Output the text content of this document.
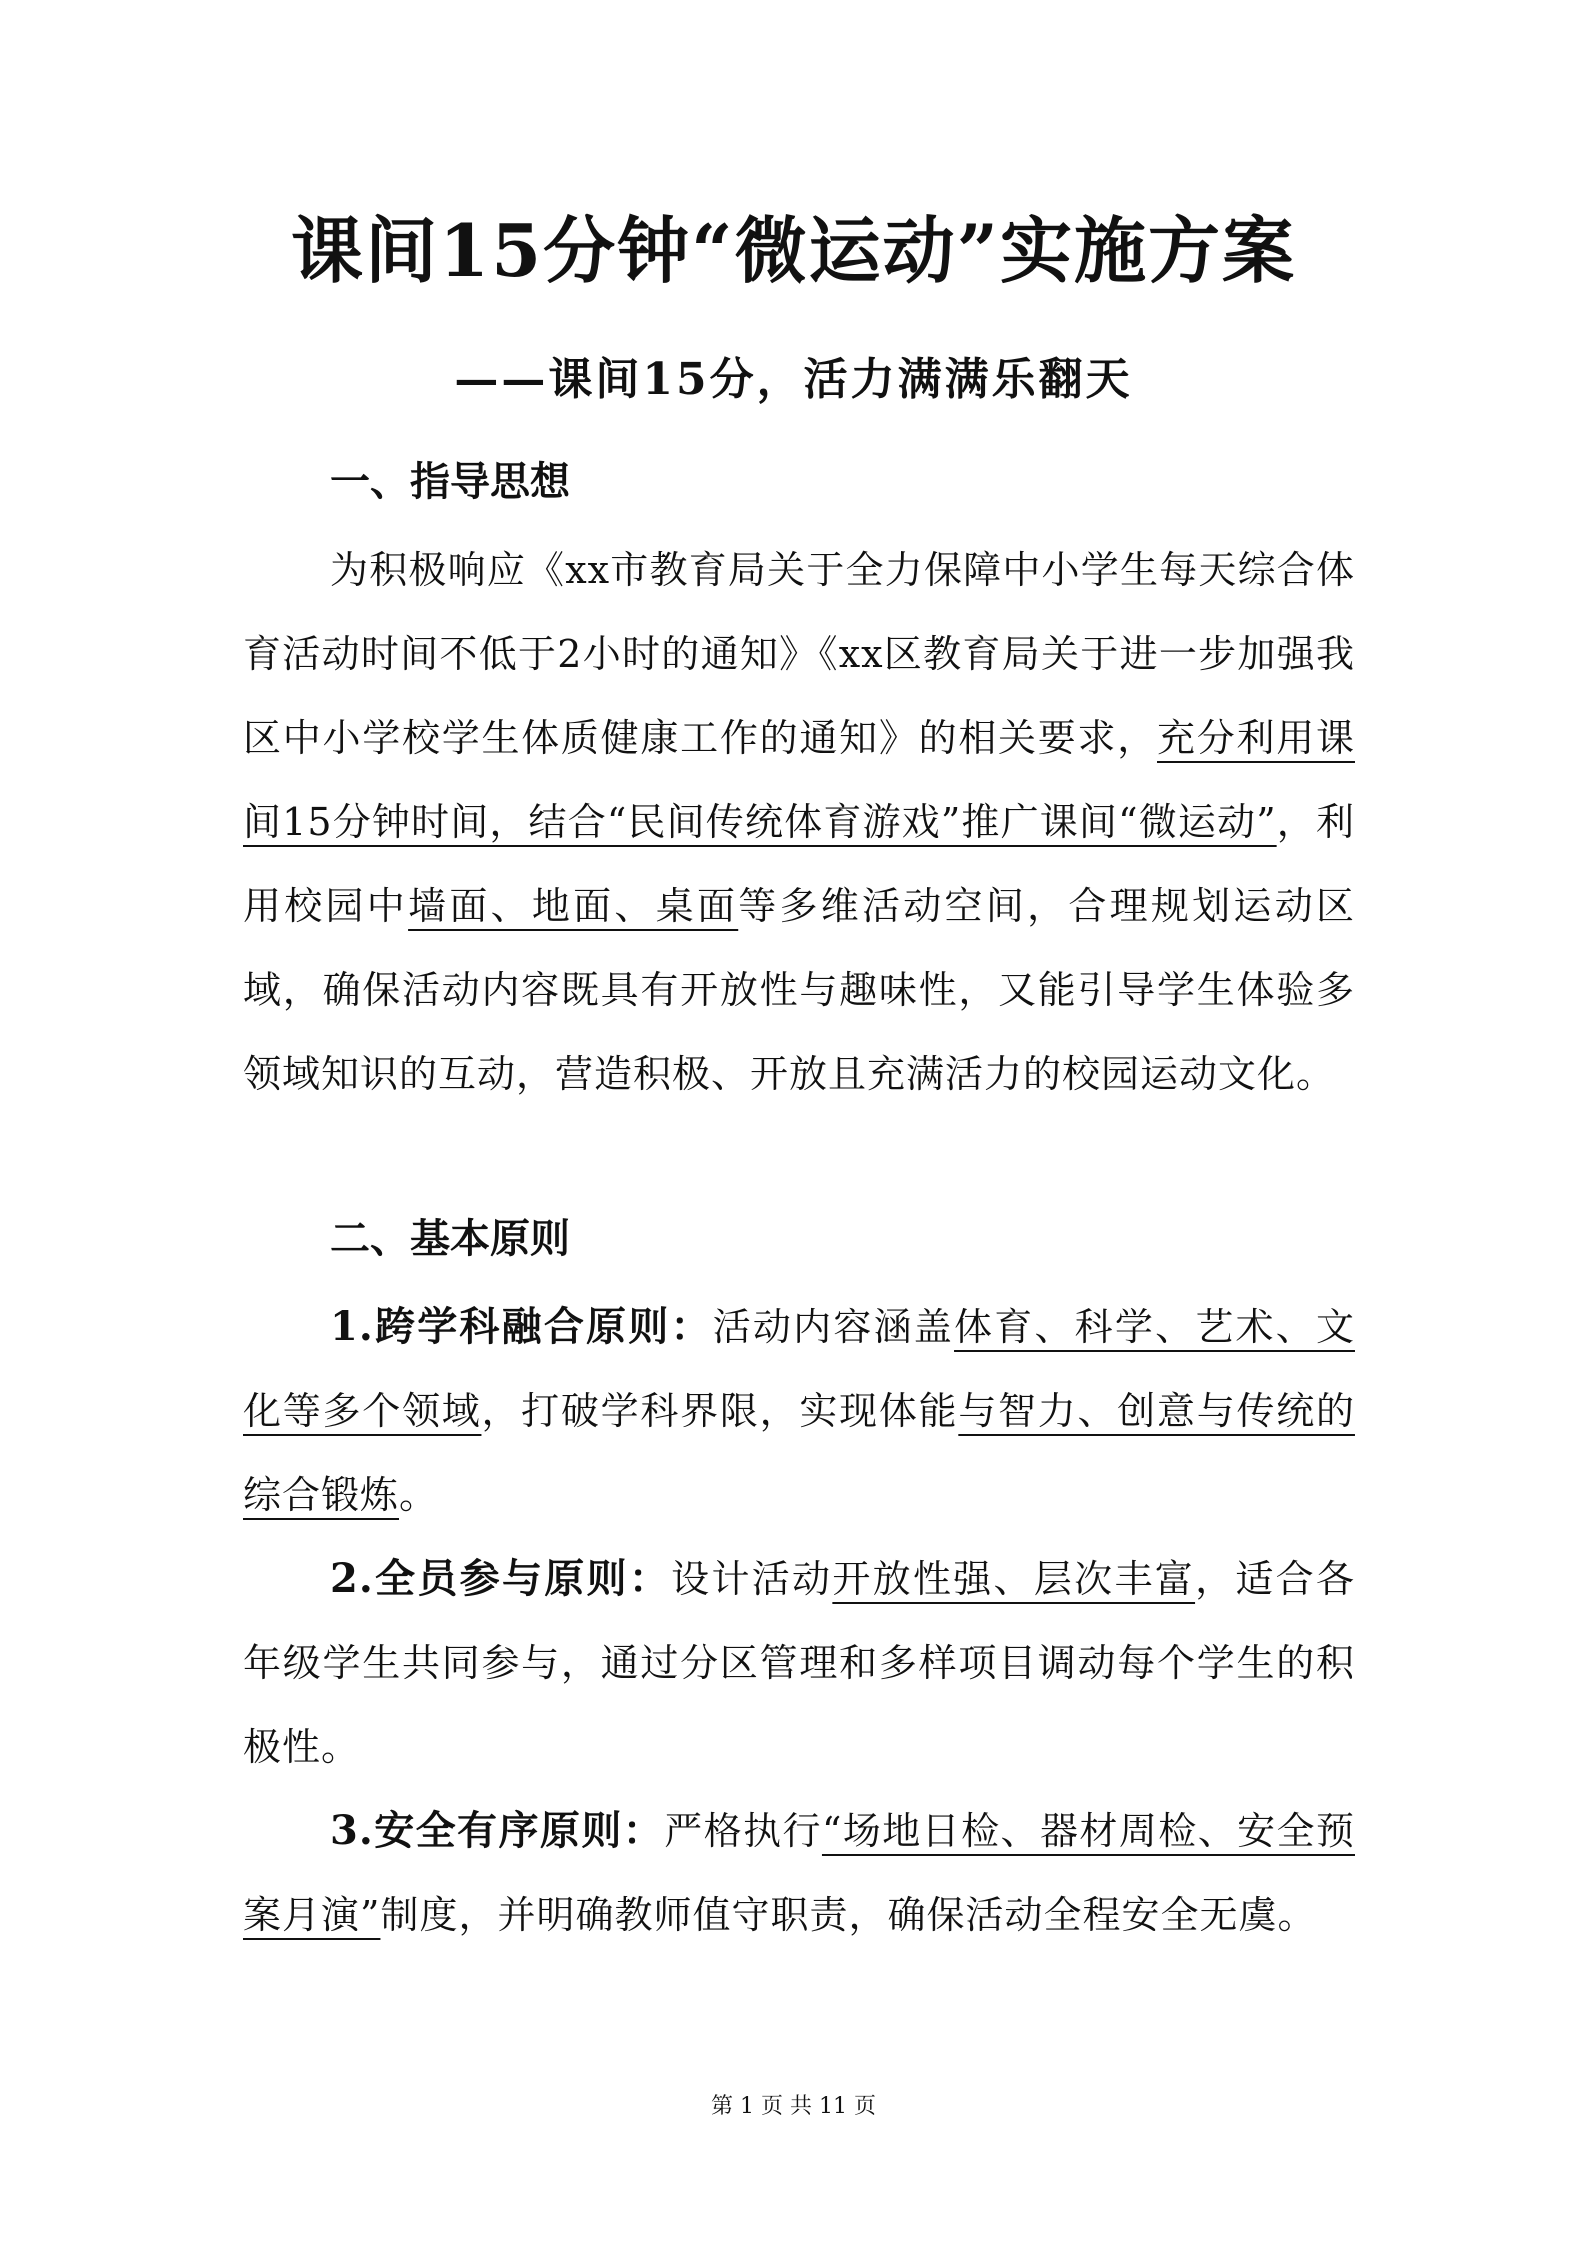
课间15分钟“微运动”实施方案
——课间15分，活力满满乐翻天
一、指导思想
为积极响应《xx市教育局关于全力保障中小学生每天综合体育活动时间不低于2小时的通知》《xx区教育局关于进一步加强我区中小学校学生体质健康工作的通知》的相关要求，充分利用课间15分钟时间，结合“民间传统体育游戏”推广课间“微运动”，利用校园中墙面、地面、桌面等多维活动空间，合理规划运动区域，确保活动内容既具有开放性与趣味性，又能引导学生体验多领域知识的互动，营造积极、开放且充满活力的校园运动文化。
二、基本原则
1.跨学科融合原则：活动内容涵盖体育、科学、艺术、文化等多个领域，打破学科界限，实现体能与智力、创意与传统的综合锻炼。
2.全员参与原则：设计活动开放性强、层次丰富，适合各年级学生共同参与，通过分区管理和多样项目调动每个学生的积极性。
3.安全有序原则：严格执行“场地日检、器材周检、安全预案月演”制度，并明确教师值守职责，确保活动全程安全无虞。
第 1 页 共 11 页
